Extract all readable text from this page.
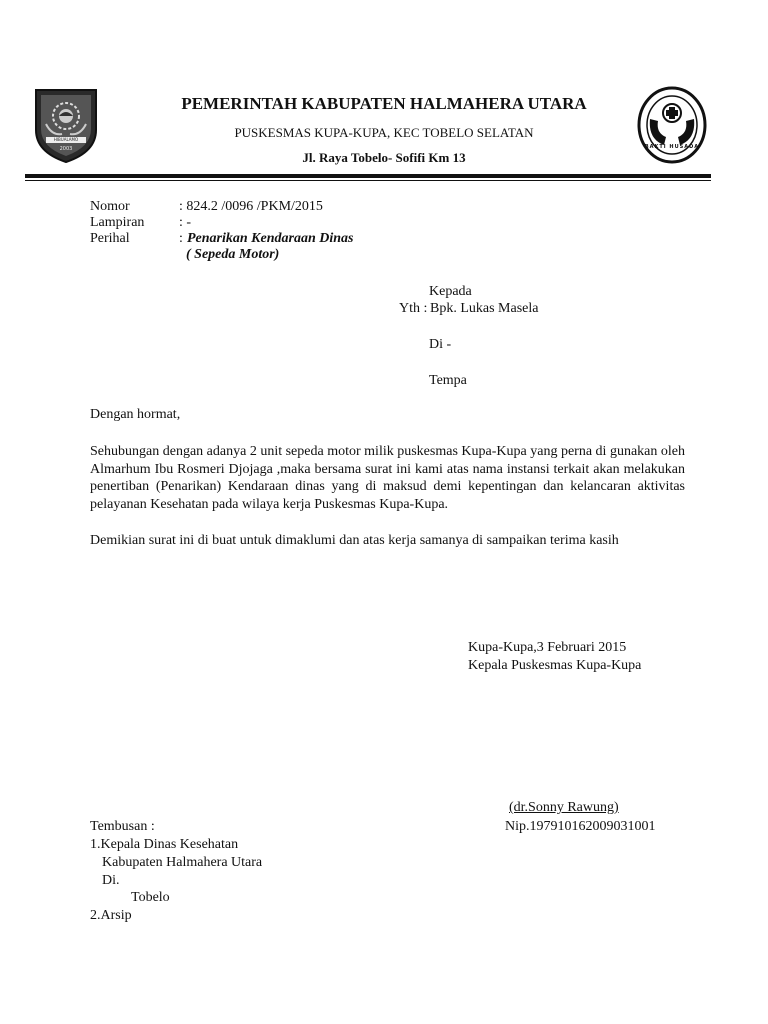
HIBUALAMO
2003	BAKTI HUSADA
PEMERINTAH KABUPATEN HALMAHERA UTARA
PUSKESMAS KUPA-KUPA, KEC TOBELO SELATAN
Jl. Raya Tobelo- Sofifi Km 13
Nomor	: 824.2 /0096 /PKM/2015
Lampiran : -
Perihal	: Penarikan Kendaraan Dinas
( Sepeda Motor)
Kepada
Yth : Bpk. Lukas Masela
Di -
Tempa
Dengan hormat,
Sehubungan dengan adanya 2 unit sepeda motor milik puskesmas Kupa-Kupa yang perna di gunakan oleh Almarhum Ibu Rosmeri Djojaga ,maka bersama surat ini kami atas nama instansi terkait akan melakukan penertiban (Penarikan) Kendaraan dinas yang di maksud demi kepentingan dan kelancaran aktivitas pelayanan Kesehatan pada wilaya kerja Puskesmas Kupa-Kupa.
Demikian surat ini di buat untuk dimaklumi dan atas kerja samanya di sampaikan terima kasih
Kupa-Kupa,3 Februari 2015
Kepala Puskesmas Kupa-Kupa
(dr.Sonny Rawung)
Nip.197910162009031001
Tembusan :
1.Kepala Dinas Kesehatan
Kabupaten Halmahera Utara
Di.
Tobelo
2.Arsip
